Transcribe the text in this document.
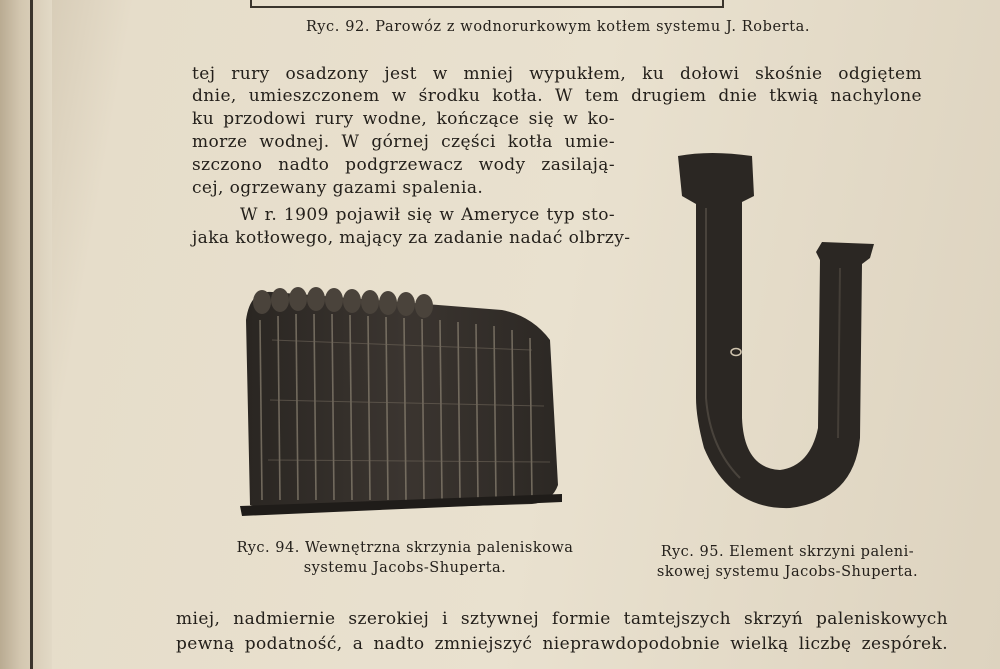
Ryc. 92. Parowóz z wodnorurkowym kotłem systemu J. Roberta.
tej rury osadzony jest w mniej wypukłem, ku dołowi skośnie odgiętem
dnie, umieszczonem w środku kotła. W tem drugiem dnie tkwią nachylone
ku przodowi rury wodne, kończące się w ko-
morze wodnej. W górnej części kotła umie-
szczono nadto podgrzewacz wody zasilają-
cej, ogrzewany gazami spalenia.
W r. 1909 pojawił się w Ameryce typ sto-
jaka kotłowego, mający za zadanie nadać olbrzy-
Ryc. 94. Wewnętrzna skrzynia paleniskowa
systemu Jacobs-Shuperta.
Ryc. 95. Element skrzyni paleni-
skowej systemu Jacobs-Shuperta.
miej, nadmiernie szerokiej i sztywnej formie tamtejszych skrzyń paleniskowych
pewną podatność, a nadto zmniejszyć nieprawdopodobnie wielką liczbę zespórek.
